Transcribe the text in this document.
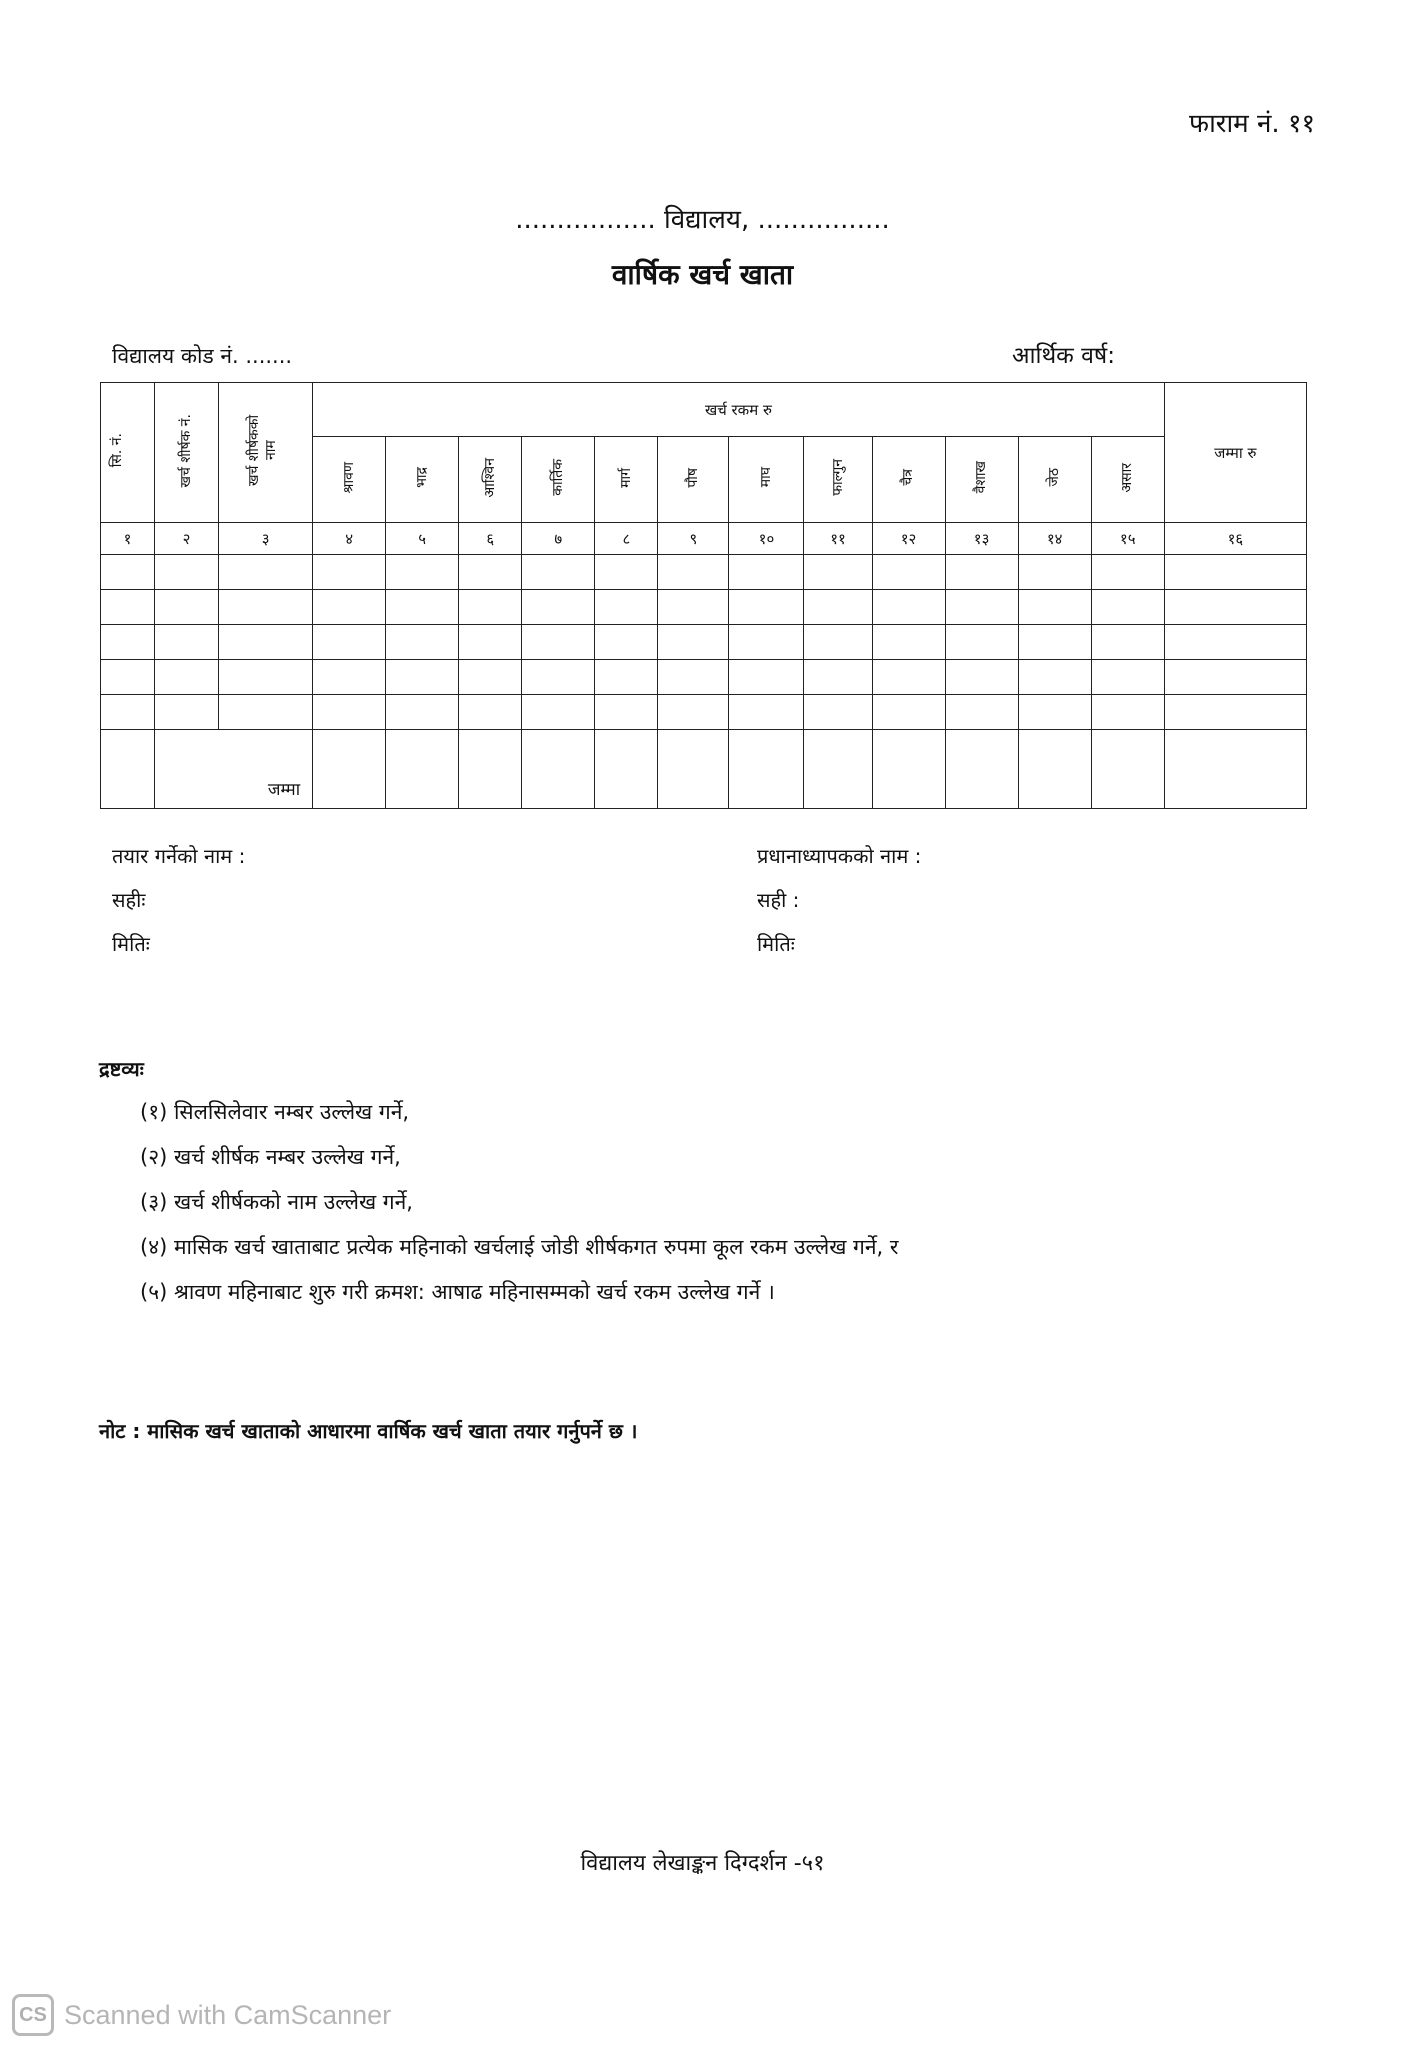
फाराम नं. ११
................. विद्यालय, ................
वार्षिक खर्च खाता
विद्यालय कोड नं. .......	आर्थिक वर्ष:
सि. नं.	खर्च शीर्षक नं.	खर्च शीर्षकको नाम	खर्च रकम रु												जम्मा रु
			श्रावण	भाद्र	आश्विन	कार्तिक	मार्ग	पौष	माघ	फाल्गुन	चैत्र	वैशाख	जेठ	असार	
१	२	३	४	५	६	७	८	९	१०	११	१२	१३	१४	१५	१६

	जम्मा														
तयार गर्नेको नाम :
सहीः
मितिः
प्रधानाध्यापकको नाम :
सही :
मितिः
द्रष्टव्यः
(१) सिलसिलेवार नम्बर उल्लेख गर्ने,
(२) खर्च शीर्षक नम्बर उल्लेख गर्ने,
(३) खर्च शीर्षकको नाम उल्लेख गर्ने,
(४) मासिक खर्च खाताबाट प्रत्येक महिनाको खर्चलाई जोडी शीर्षकगत रुपमा कूल रकम उल्लेख गर्ने, र
(५) श्रावण महिनाबाट शुरु गरी क्रमश: आषाढ महिनासम्मको खर्च रकम उल्लेख गर्ने ।
नोट : मासिक खर्च खाताको आधारमा वार्षिक खर्च खाता तयार गर्नुपर्ने छ ।
विद्यालय लेखाङ्कन दिग्दर्शन -५१
CS Scanned with CamScanner
